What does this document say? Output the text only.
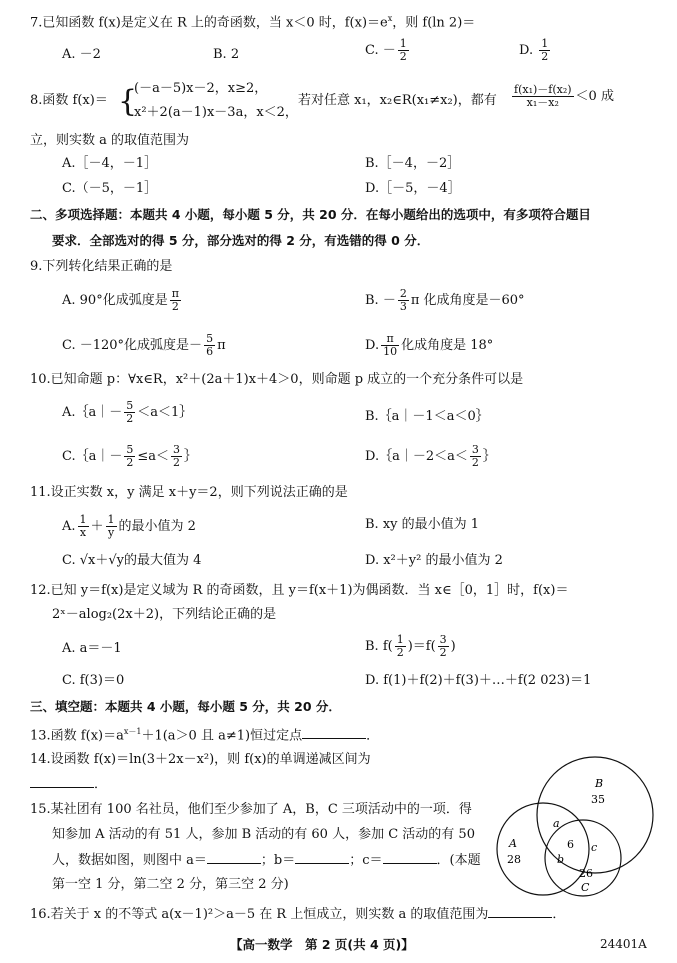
7.已知函数 f(x)是定义在 R 上的奇函数，当 x＜0 时，$f(x)=e^x$，则 f(ln 2)＝
A. －2	B. 2	C. － $\frac{1}{2}$	D. $\frac{1}{2}$
8.函数 f(x)＝ {
(－a－5)x－2，x≥2，
x²＋2(a－1)x－3a，x＜2，
若对任意 x₁，x₂∈R(x₁≠x₂)，都有 $\frac{\text{f(x₁)－f(x₂)}}{\text{x₁－x₂}} <0$ 成
立，则实数 a 的取值范围为
A.［－4，－1］	B.［－4，－2］
C.（－5，－1］	D.［－5，－4］
二、多项选择题：本题共 4 小题，每小题 5 分，共 20 分．在每小题给出的选项中，有多项符合题目
要求．全部选对的得 5 分，部分选对的得 2 分，有选错的得 0 分．
9.下列转化结果正确的是
A. 90°化成弧度是 $\frac{\pi}{2}$	B. － $\frac{2}{3}$ π 化成角度是－60°
C. －120°化成弧度是－ $\frac{5}{6}$ π	D. $\frac{\pi}{10}$ 化成角度是 18°
10.已知命题 p：∀x∈R，x²＋(2a＋1)x＋4＞0，则命题 p 成立的一个充分条件可以是
A.｛a｜－ $\frac{5}{2}$ ＜a＜1｝	B.｛a｜－1＜a＜0｝
C.｛a｜－ $\frac{5}{2} \le a< \frac{3}{2}$ ｝	D.｛a｜－2＜a＜ $\frac{3}{2}$ ｝
11.设正实数 x，y 满足 x＋y＝2，则下列说法正确的是
A. $\frac{1}{x} + \frac{1}{y}$ 的最小值为 2	B. xy 的最小值为 1
C. √x＋√y的最大值为 4	D. x²＋y² 的最小值为 2
12.已知 y＝f(x)是定义域为 R 的奇函数，且 y＝f(x＋1)为偶函数．当 x∈［0，1］时，f(x)＝
2ˣ－alog₂(2x＋2)，下列结论正确的是
A. a＝－1	B. $f( \frac{1}{2} )=f( \frac{3}{2}$ )
C. f(3)＝0	D. f(1)＋f(2)＋f(3)＋…＋f(2 023)＝1
三、填空题：本题共 4 小题，每小题 5 分，共 20 分．
13.函数 $f(x)=a^{x-1}+1(a>0$ 且 a≠1)恒过定点	．
14.设函数 f(x)＝ln(3＋2x－x²)，则 f(x)的单调递减区间为
．
15.某社团有 100 名社员，他们至少参加了 A，B，C 三项活动中的一项．得
知参加 A 活动的有 51 人，参加 B 活动的有 60 人，参加 C 活动的有 50
人，数据如图，则图中 a＝	；b＝	；c＝	．(本题
第一空 1 分，第二空 2 分，第三空 2 分)
B
35
a
A
28
6 c
b
26
C
16.若关于 x 的不等式 a(x－1)²＞a－5 在 R 上恒成立，则实数 a 的取值范围为	．
【高一数学　第 2 页(共 4 页)】	24401A
